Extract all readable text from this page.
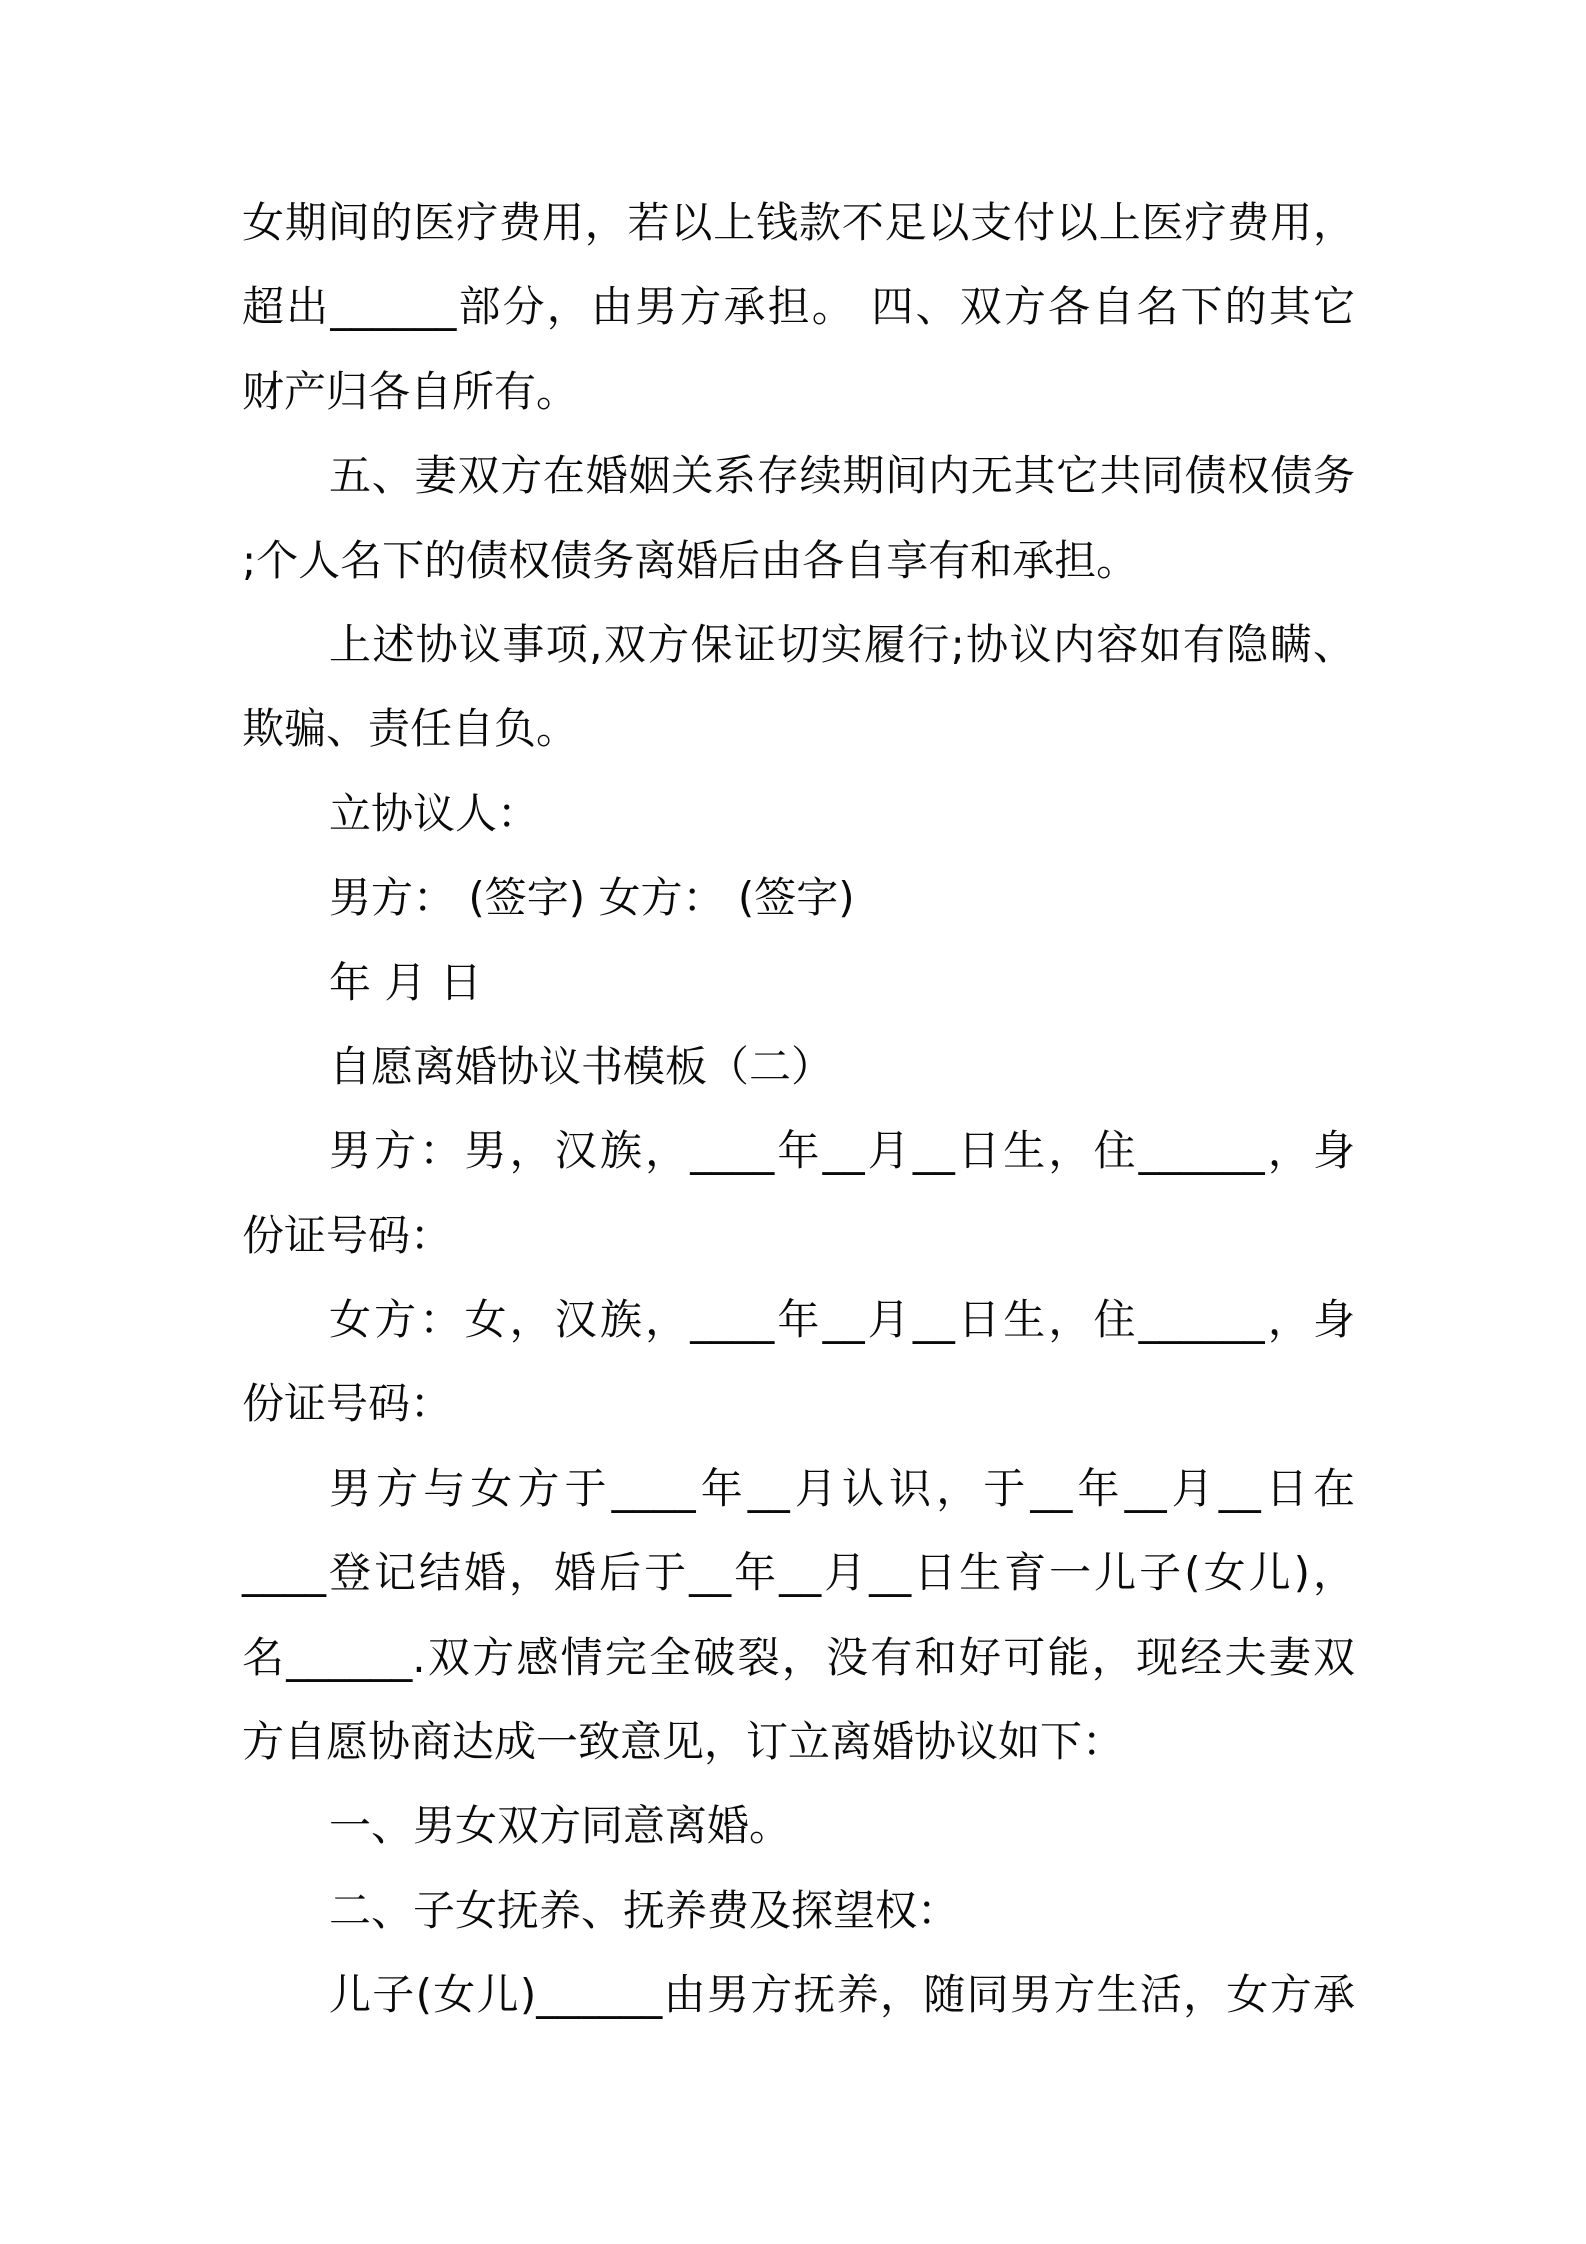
女期间的医疗费用，若以上钱款不足以支付以上医疗费用，
超出______部分，由男方承担。 四、双方各自名下的其它
财产归各自所有。
五、妻双方在婚姻关系存续期间内无其它共同债权债务
;个人名下的债权债务离婚后由各自享有和承担。
上述协议事项,双方保证切实履行;协议内容如有隐瞒、
欺骗、责任自负。
立协议人：
男方： (签字) 女方： (签字)
年 月 日
自愿离婚协议书模板（二）
男方：男，汉族，____年__月__日生，住______，身
份证号码：
女方：女，汉族，____年__月__日生，住______，身
份证号码：
男方与女方于____年__月认识，于__年__月__日在
____登记结婚，婚后于__年__月__日生育一儿子(女儿)，
名______.双方感情完全破裂，没有和好可能，现经夫妻双
方自愿协商达成一致意见，订立离婚协议如下：
一、男女双方同意离婚。
二、子女抚养、抚养费及探望权：
儿子(女儿)______由男方抚养，随同男方生活，女方承
